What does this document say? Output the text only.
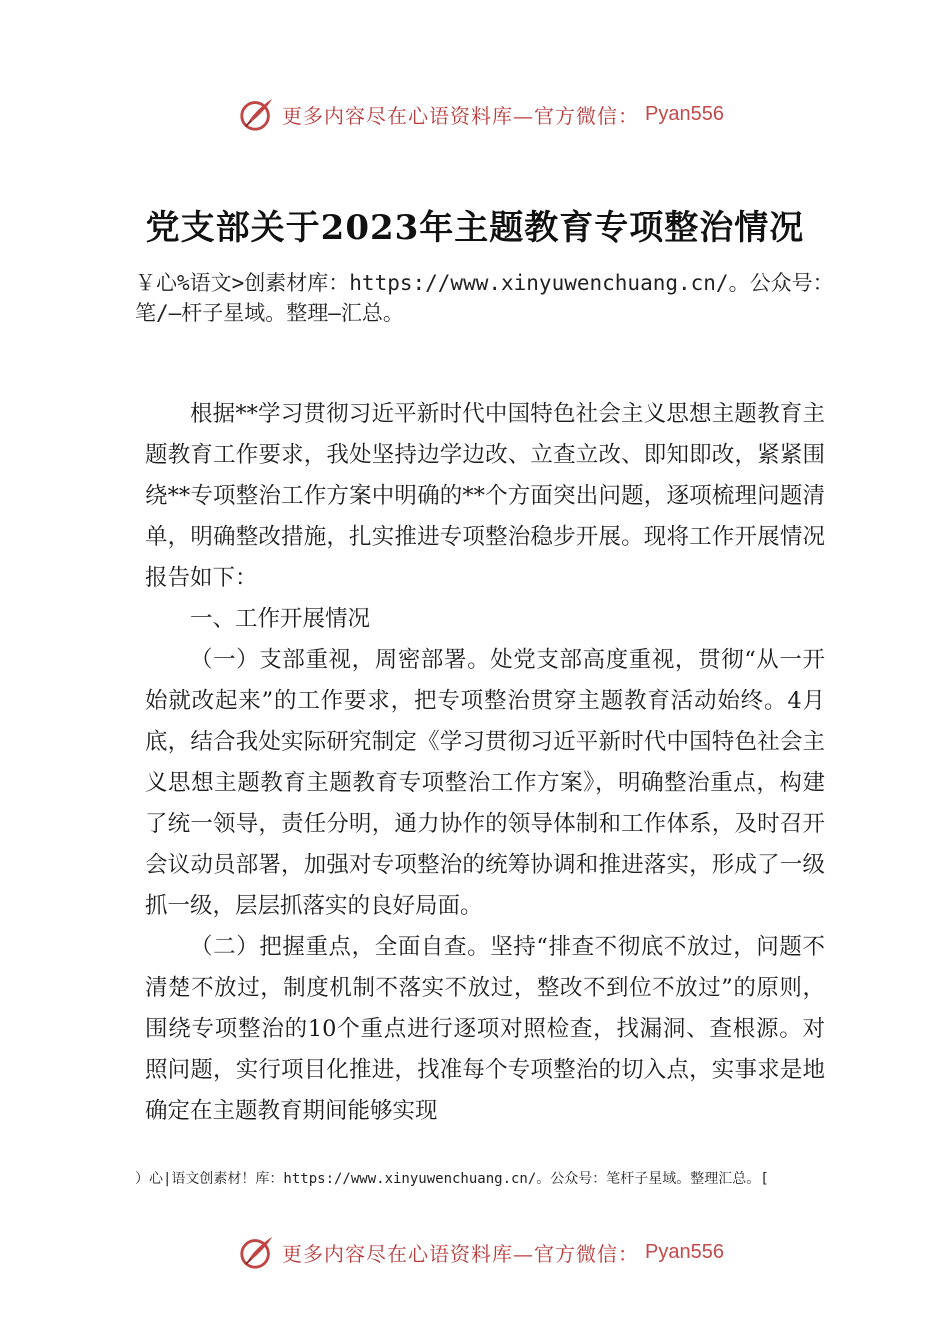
更多内容尽在心语资料库—官方微信： Pyan556
党支部关于2023年主题教育专项整治情况
￥心%语文>创素材库：https://www.xinyuwenchuang.cn/。公众号：笔/—杆子星域。整理—汇总。

根据**学习贯彻习近平新时代中国特色社会主义思想主题教育主题教育工作要求，我处坚持边学边改、立查立改、即知即改，紧紧围绕**专项整治工作方案中明确的**个方面突出问题，逐项梳理问题清单，明确整改措施，扎实推进专项整治稳步开展。现将工作开展情况报告如下：

一、工作开展情况

（一）支部重视，周密部署。处党支部高度重视，贯彻“从一开始就改起来”的工作要求，把专项整治贯穿主题教育活动始终。4月底，结合我处实际研究制定《学习贯彻习近平新时代中国特色社会主义思想主题教育主题教育专项整治工作方案》，明确整治重点，构建了统一领导，责任分明，通力协作的领导体制和工作体系，及时召开会议动员部署，加强对专项整治的统筹协调和推进落实，形成了一级抓一级，层层抓落实的良好局面。

（二）把握重点，全面自查。坚持“排查不彻底不放过，问题不清楚不放过，制度机制不落实不放过，整改不到位不放过”的原则，围绕专项整治的10个重点进行逐项对照检查，找漏洞、查根源。对照问题，实行项目化推进，找准每个专项整治的切入点，实事求是地确定在主题教育期间能够实现

）心|语文创素材！库：https://www.xinyuwenchuang.cn/。公众号：笔杆子星域。整理汇总。[
更多内容尽在心语资料库—官方微信： Pyan556
